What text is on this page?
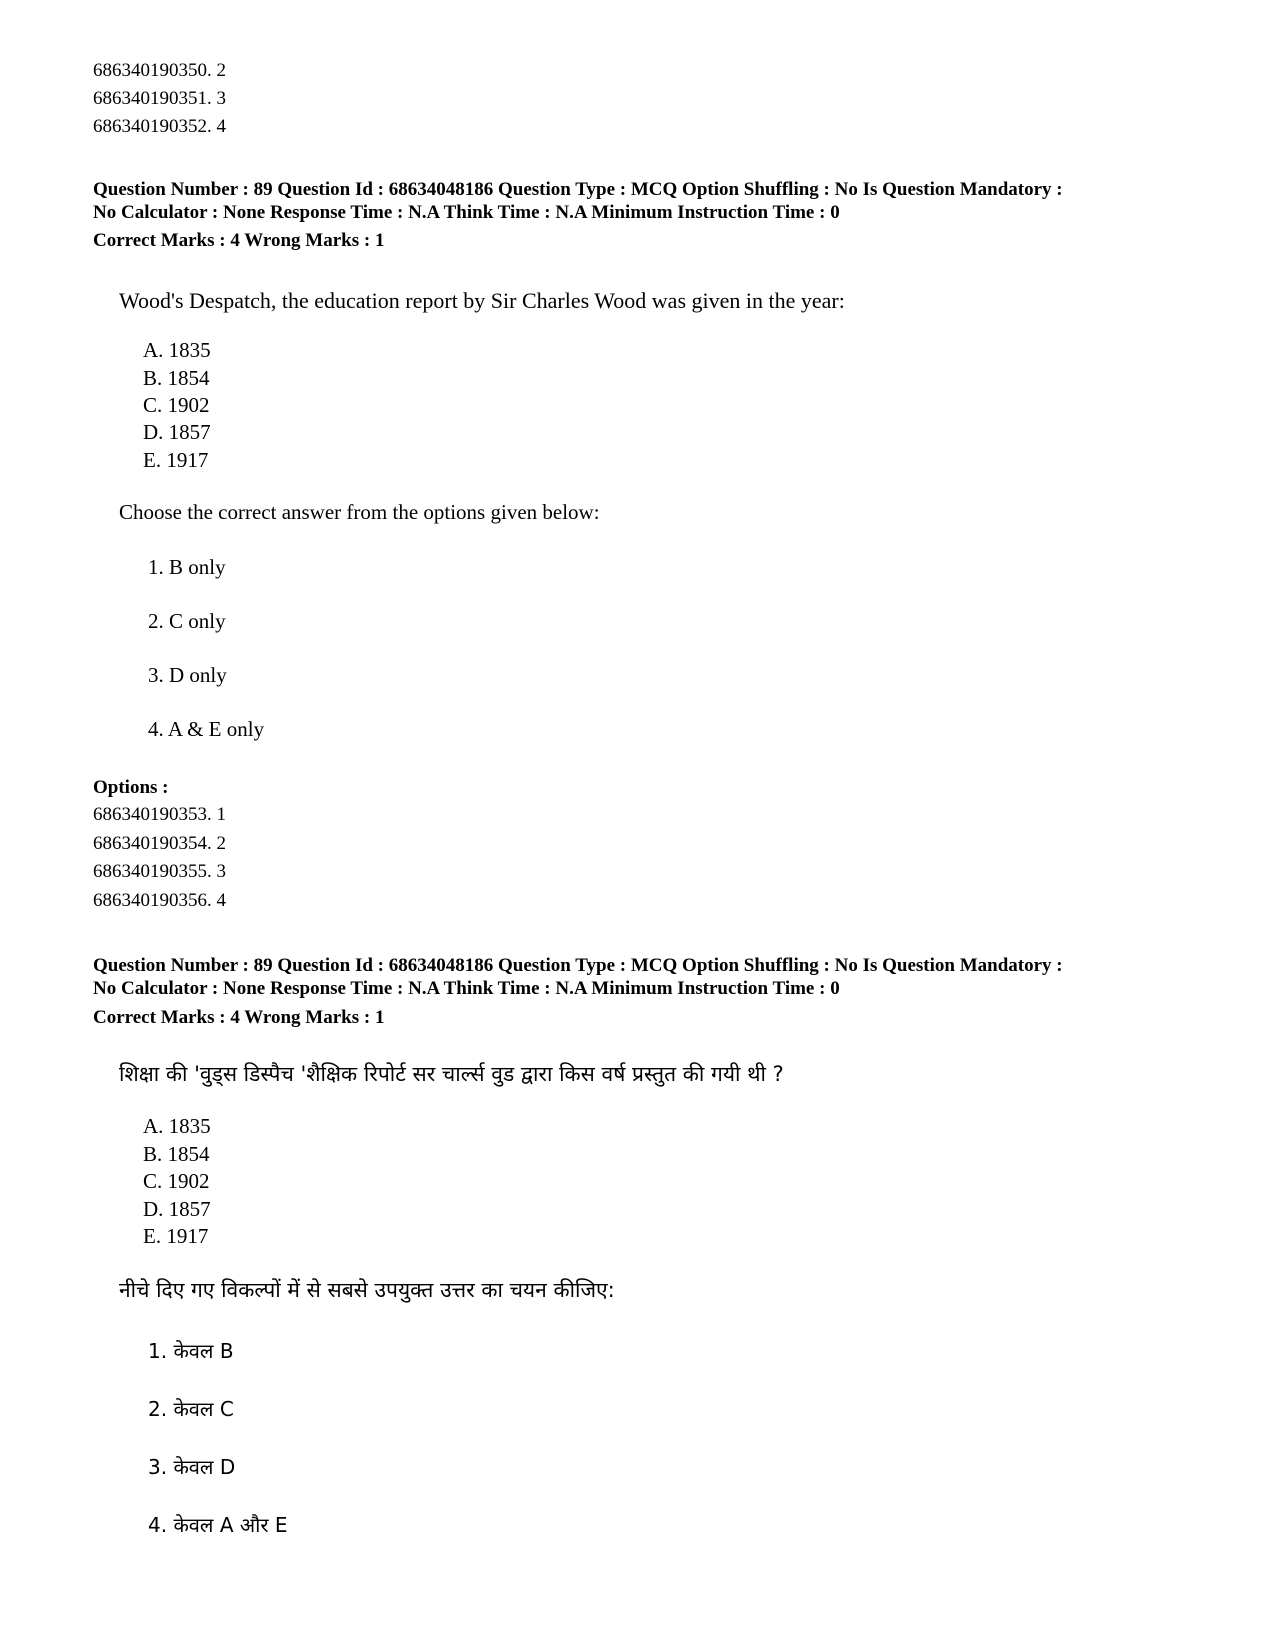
686340190350. 2
686340190351. 3
686340190352. 4
Question Number : 89 Question Id : 68634048186 Question Type : MCQ Option Shuffling : No Is Question Mandatory :
No Calculator : None Response Time : N.A Think Time : N.A Minimum Instruction Time : 0
Correct Marks : 4 Wrong Marks : 1
Wood's Despatch, the education report by Sir Charles Wood was given in the year:
A. 1835
B. 1854
C. 1902
D. 1857
E. 1917
Choose the correct answer from the options given below:
1. B only
2. C only
3. D only
4. A & E only
Options :
686340190353. 1
686340190354. 2
686340190355. 3
686340190356. 4
Question Number : 89 Question Id : 68634048186 Question Type : MCQ Option Shuffling : No Is Question Mandatory :
No Calculator : None Response Time : N.A Think Time : N.A Minimum Instruction Time : 0
Correct Marks : 4 Wrong Marks : 1
शिक्षा की 'वुड्स डिस्पैच 'शैक्षिक रिपोर्ट सर चार्ल्स वुड द्वारा किस वर्ष प्रस्तुत की गयी थी ?
A. 1835
B. 1854
C. 1902
D. 1857
E. 1917
नीचे दिए गए विकल्पों में से सबसे उपयुक्त उत्तर का चयन कीजिए:
1. केवल B
2. केवल C
3. केवल D
4. केवल A और E
